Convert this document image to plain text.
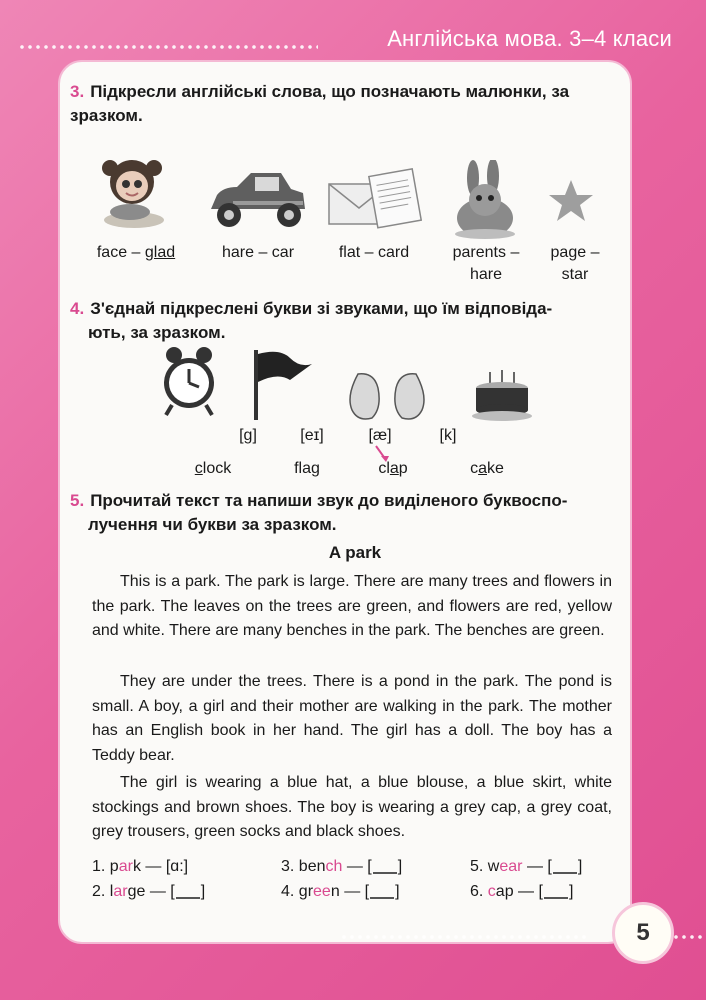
Англійська мова. 3–4 класи
3. Підкресли англійські слова, що позначають малюнки, за
зразком.
face – glad	hare – car	flat – card	parents –
hare
page –
star
4. З'єднай підкреслені букви зі звуками, що їм відповіда-
ють, за зразком.
[g]	[eɪ]	[æ]	[k]
clock	flag	clap	cake
5. Прочитай текст та напиши звук до виділеного буквоспо-
лучення чи букви за зразком.
A park
This is a park. The park is large. There are many trees and flowers in the park. The leaves on the trees are green, and flowers are red, yellow and white. There are many benches in the park. The benches are green.
They are under the trees. There is a pond in the park. The pond is small. A boy, a girl and their mother are walking in the park. The mother has an English book in her hand. The girl has a doll. The boy has a Teddy bear.
The girl is wearing a blue hat, a blue blouse, a blue skirt, white stockings and brown shoes. The boy is wearing a grey cap, a grey coat, grey trousers, green socks and black shoes.
1. park — [ɑ:]
2. large — [ ]
3. bench — [ ]
4. green — [ ]
5. wear — [ ]
6. cap — [ ]
5
